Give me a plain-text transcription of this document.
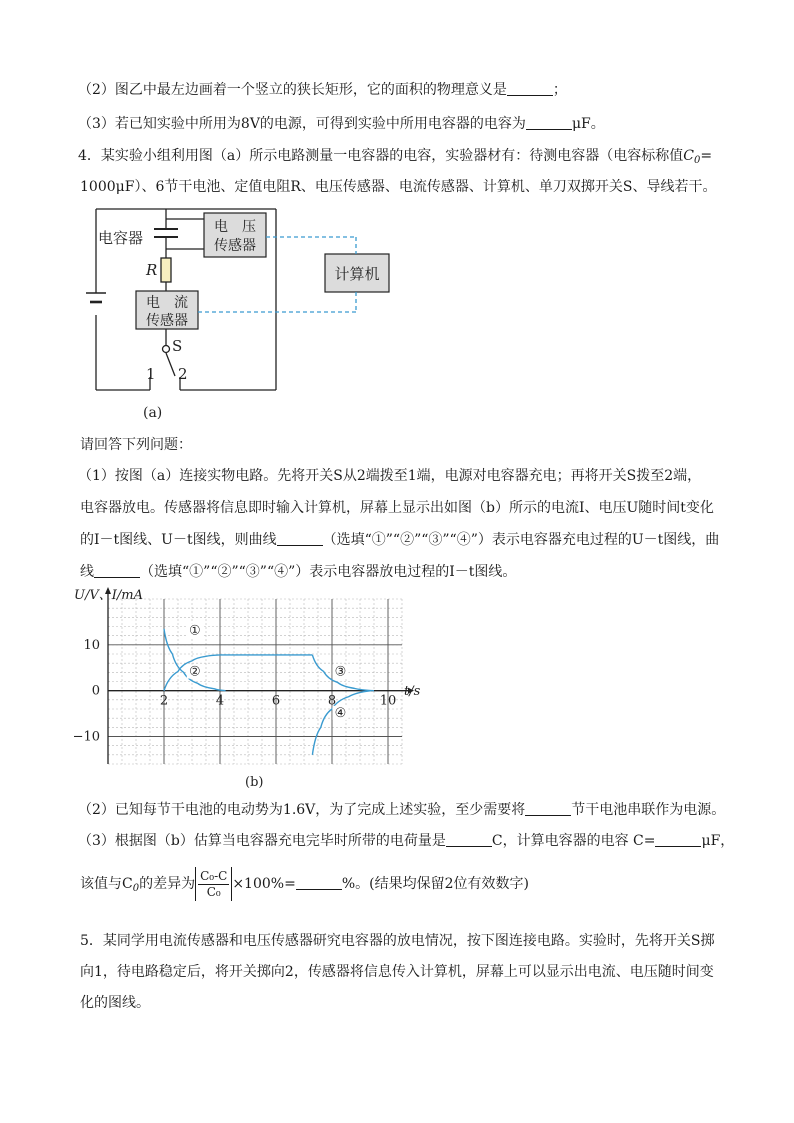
（2）图乙中最左边画着一个竖立的狭长矩形，它的面积的物理意义是	；
（3）若已知实验中所用为8V的电源，可得到实验中所用电容器的电容为	μF。
4．某实验小组利用图（a）所示电路测量一电容器的电容，实验器材有：待测电容器（电容标称值$C_0=$
1000μF）、6节干电池、定值电阻R、电压传感器、电流传感器、计算机、单刀双掷开关S、导线若干。
电容器
电　压
传感器
R
电　流
传感器
计算机
S
1 2
(a)
请回答下列问题：
（1）按图（a）连接实物电路。先将开关S从2端拨至1端，电源对电容器充电；再将开关S拨至2端，
电容器放电。传感器将信息即时输入计算机，屏幕上显示出如图（b）所示的电流I、电压U随时间t变化
的I－t图线、U－t图线，则曲线	（选填“①”“②”“③”“④”）表示电容器充电过程的U－t图线，曲
线	（选填“①”“②”“③”“④”）表示电容器放电过程的I－t图线。
①
②	③
④
2	4	6	8	10
10
0
−10
U/V、I/mA
t/s
(b)
（2）已知每节干电池的电动势为1.6V，为了完成上述实验，至少需要将	节干电池串联作为电源。
（3）根据图（b）估算当电容器充电完毕时所带的电荷量是	C，计算电容器的电容 C=	μF，
该值与$C_0$的差异为 $\frac{\text{C₀-C}}{\text{C₀}} \times 100\%=$	%。(结果均保留2位有效数字)
5．某同学用电流传感器和电压传感器研究电容器的放电情况，按下图连接电路。实验时，先将开关S掷
向1，待电路稳定后，将开关掷向2，传感器将信息传入计算机，屏幕上可以显示出电流、电压随时间变
化的图线。
